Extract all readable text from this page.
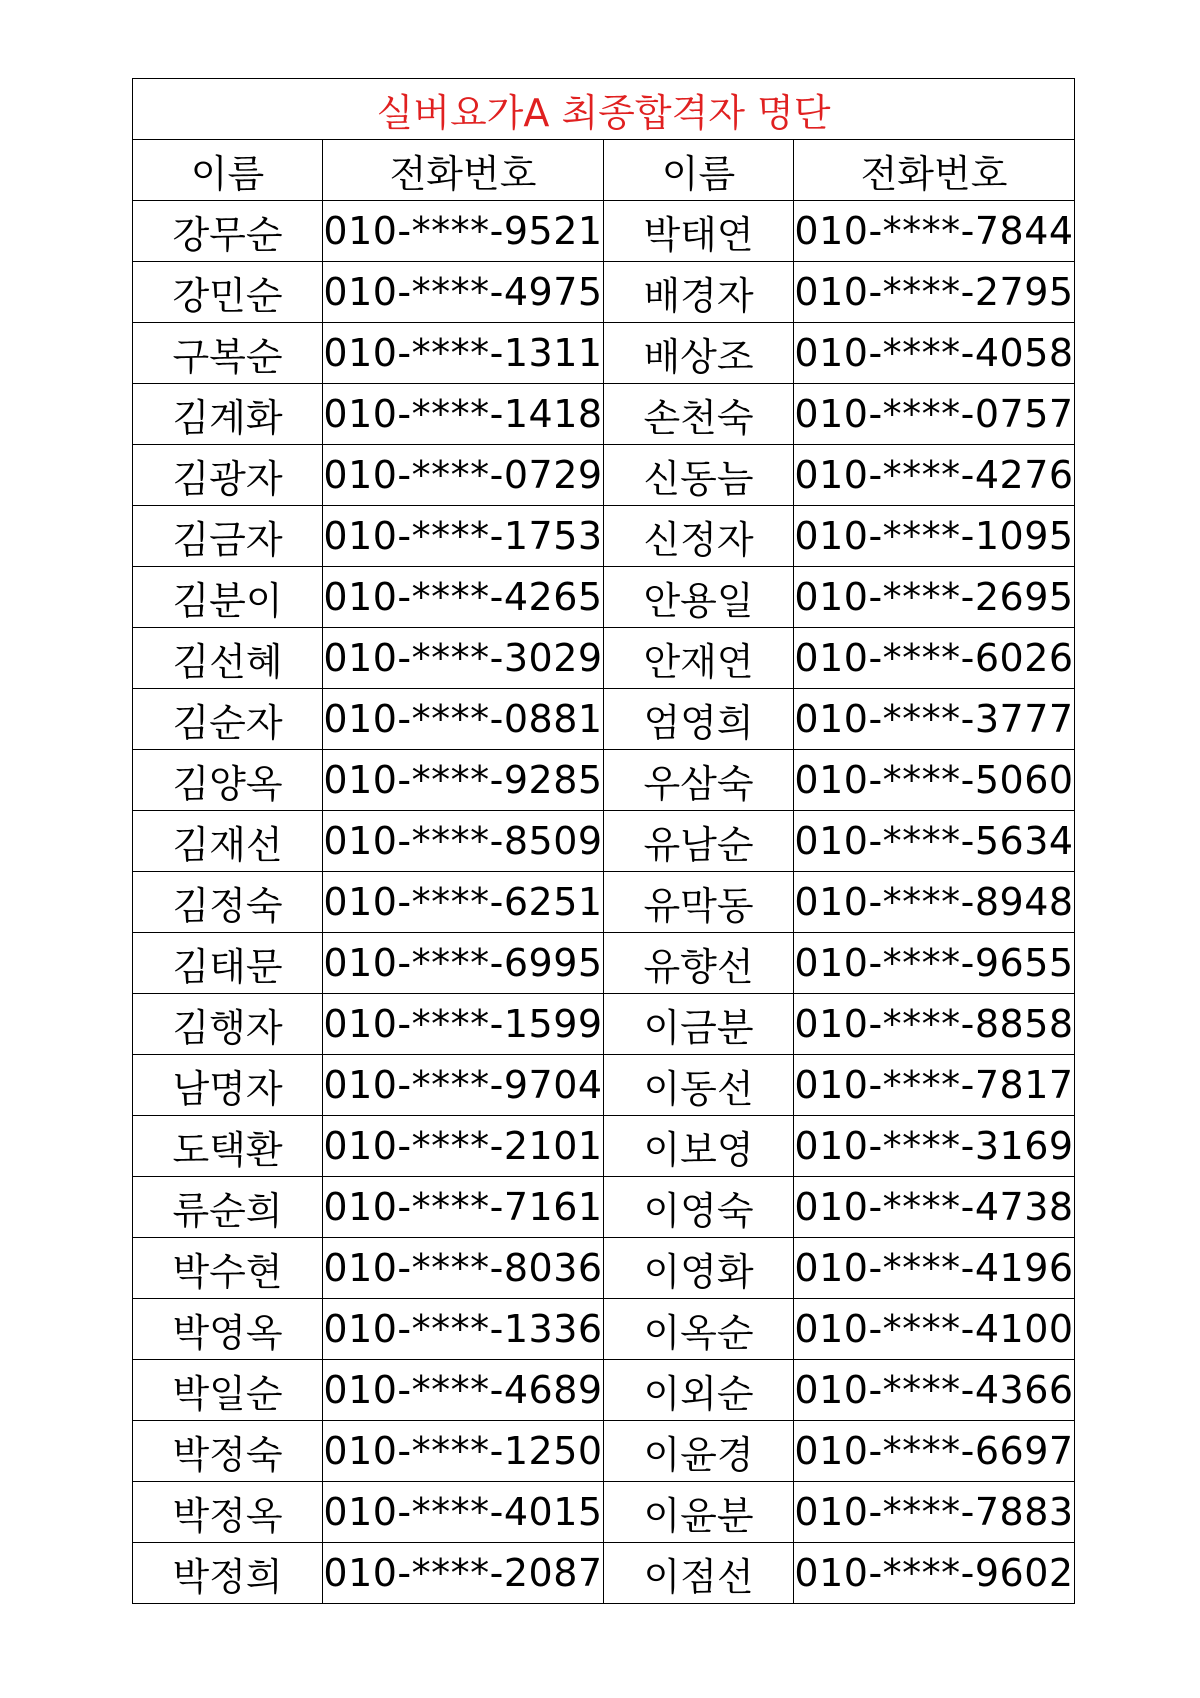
실버요가A 최종합격자 명단			
이름	전화번호	이름	전화번호
강무순	010-****-9521	박태연	010-****-7844
강민순	010-****-4975	배경자	010-****-2795
구복순	010-****-1311	배상조	010-****-4058
김계화	010-****-1418	손천숙	010-****-0757
김광자	010-****-0729	신동늠	010-****-4276
김금자	010-****-1753	신정자	010-****-1095
김분이	010-****-4265	안용일	010-****-2695
김선혜	010-****-3029	안재연	010-****-6026
김순자	010-****-0881	엄영희	010-****-3777
김양옥	010-****-9285	우삼숙	010-****-5060
김재선	010-****-8509	유남순	010-****-5634
김정숙	010-****-6251	유막동	010-****-8948
김태문	010-****-6995	유향선	010-****-9655
김행자	010-****-1599	이금분	010-****-8858
남명자	010-****-9704	이동선	010-****-7817
도택환	010-****-2101	이보영	010-****-3169
류순희	010-****-7161	이영숙	010-****-4738
박수현	010-****-8036	이영화	010-****-4196
박영옥	010-****-1336	이옥순	010-****-4100
박일순	010-****-4689	이외순	010-****-4366
박정숙	010-****-1250	이윤경	010-****-6697
박정옥	010-****-4015	이윤분	010-****-7883
박정희	010-****-2087	이점선	010-****-9602
